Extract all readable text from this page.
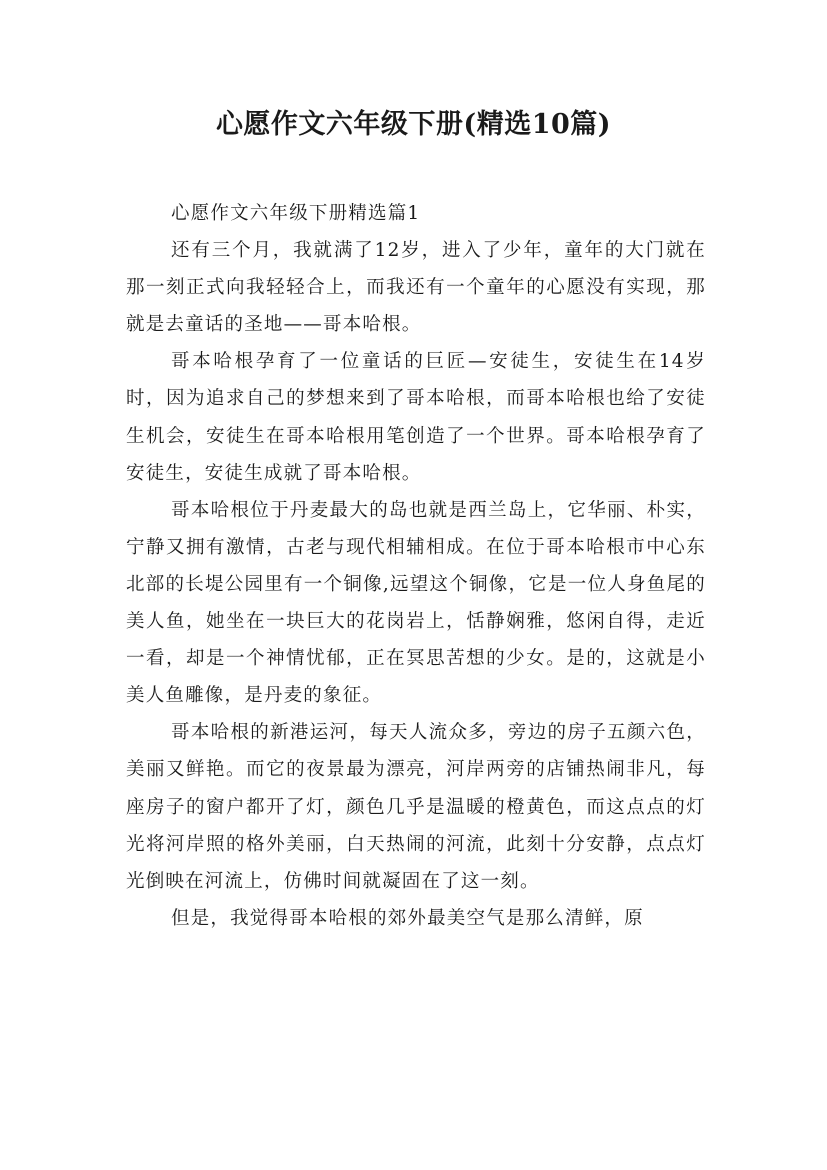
心愿作文六年级下册(精选10篇)
心愿作文六年级下册精选篇1

还有三个月，我就满了12岁，进入了少年，童年的大门就在那一刻正式向我轻轻合上，而我还有一个童年的心愿没有实现，那就是去童话的圣地——哥本哈根。

哥本哈根孕育了一位童话的巨匠—安徒生，安徒生在14岁时，因为追求自己的梦想来到了哥本哈根，而哥本哈根也给了安徒生机会，安徒生在哥本哈根用笔创造了一个世界。哥本哈根孕育了安徒生，安徒生成就了哥本哈根。

哥本哈根位于丹麦最大的岛也就是西兰岛上，它华丽、朴实，宁静又拥有激情，古老与现代相辅相成。在位于哥本哈根市中心东北部的长堤公园里有一个铜像,远望这个铜像，它是一位人身鱼尾的美人鱼，她坐在一块巨大的花岗岩上，恬静娴雅，悠闲自得，走近一看，却是一个神情忧郁，正在冥思苦想的少女。是的，这就是小美人鱼雕像，是丹麦的象征。

哥本哈根的新港运河，每天人流众多，旁边的房子五颜六色，美丽又鲜艳。而它的夜景最为漂亮，河岸两旁的店铺热闹非凡，每座房子的窗户都开了灯，颜色几乎是温暖的橙黄色，而这点点的灯光将河岸照的格外美丽，白天热闹的河流，此刻十分安静，点点灯光倒映在河流上，仿佛时间就凝固在了这一刻。

但是，我觉得哥本哈根的郊外最美空气是那么清鲜，原
